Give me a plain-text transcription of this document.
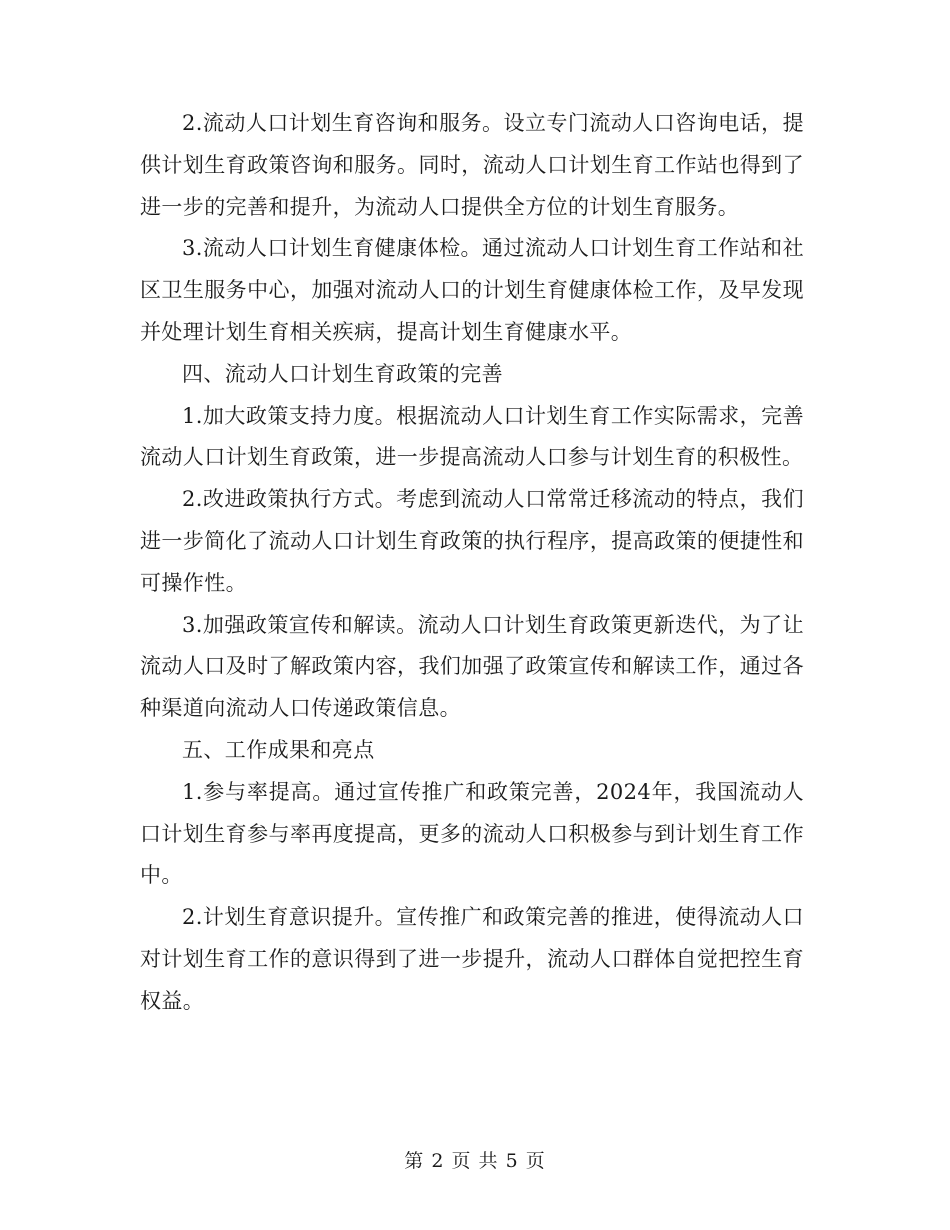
2.流动人口计划生育咨询和服务。设立专门流动人口咨询电话，提供计划生育政策咨询和服务。同时，流动人口计划生育工作站也得到了进一步的完善和提升，为流动人口提供全方位的计划生育服务。

3.流动人口计划生育健康体检。通过流动人口计划生育工作站和社区卫生服务中心，加强对流动人口的计划生育健康体检工作，及早发现并处理计划生育相关疾病，提高计划生育健康水平。

四、流动人口计划生育政策的完善

1.加大政策支持力度。根据流动人口计划生育工作实际需求，完善流动人口计划生育政策，进一步提高流动人口参与计划生育的积极性。

2.改进政策执行方式。考虑到流动人口常常迁移流动的特点，我们进一步简化了流动人口计划生育政策的执行程序，提高政策的便捷性和可操作性。

3.加强政策宣传和解读。流动人口计划生育政策更新迭代，为了让流动人口及时了解政策内容，我们加强了政策宣传和解读工作，通过各种渠道向流动人口传递政策信息。

五、工作成果和亮点

1.参与率提高。通过宣传推广和政策完善，2024年，我国流动人口计划生育参与率再度提高，更多的流动人口积极参与到计划生育工作中。

2.计划生育意识提升。宣传推广和政策完善的推进，使得流动人口对计划生育工作的意识得到了进一步提升，流动人口群体自觉把控生育权益。

第 2 页 共 5 页
